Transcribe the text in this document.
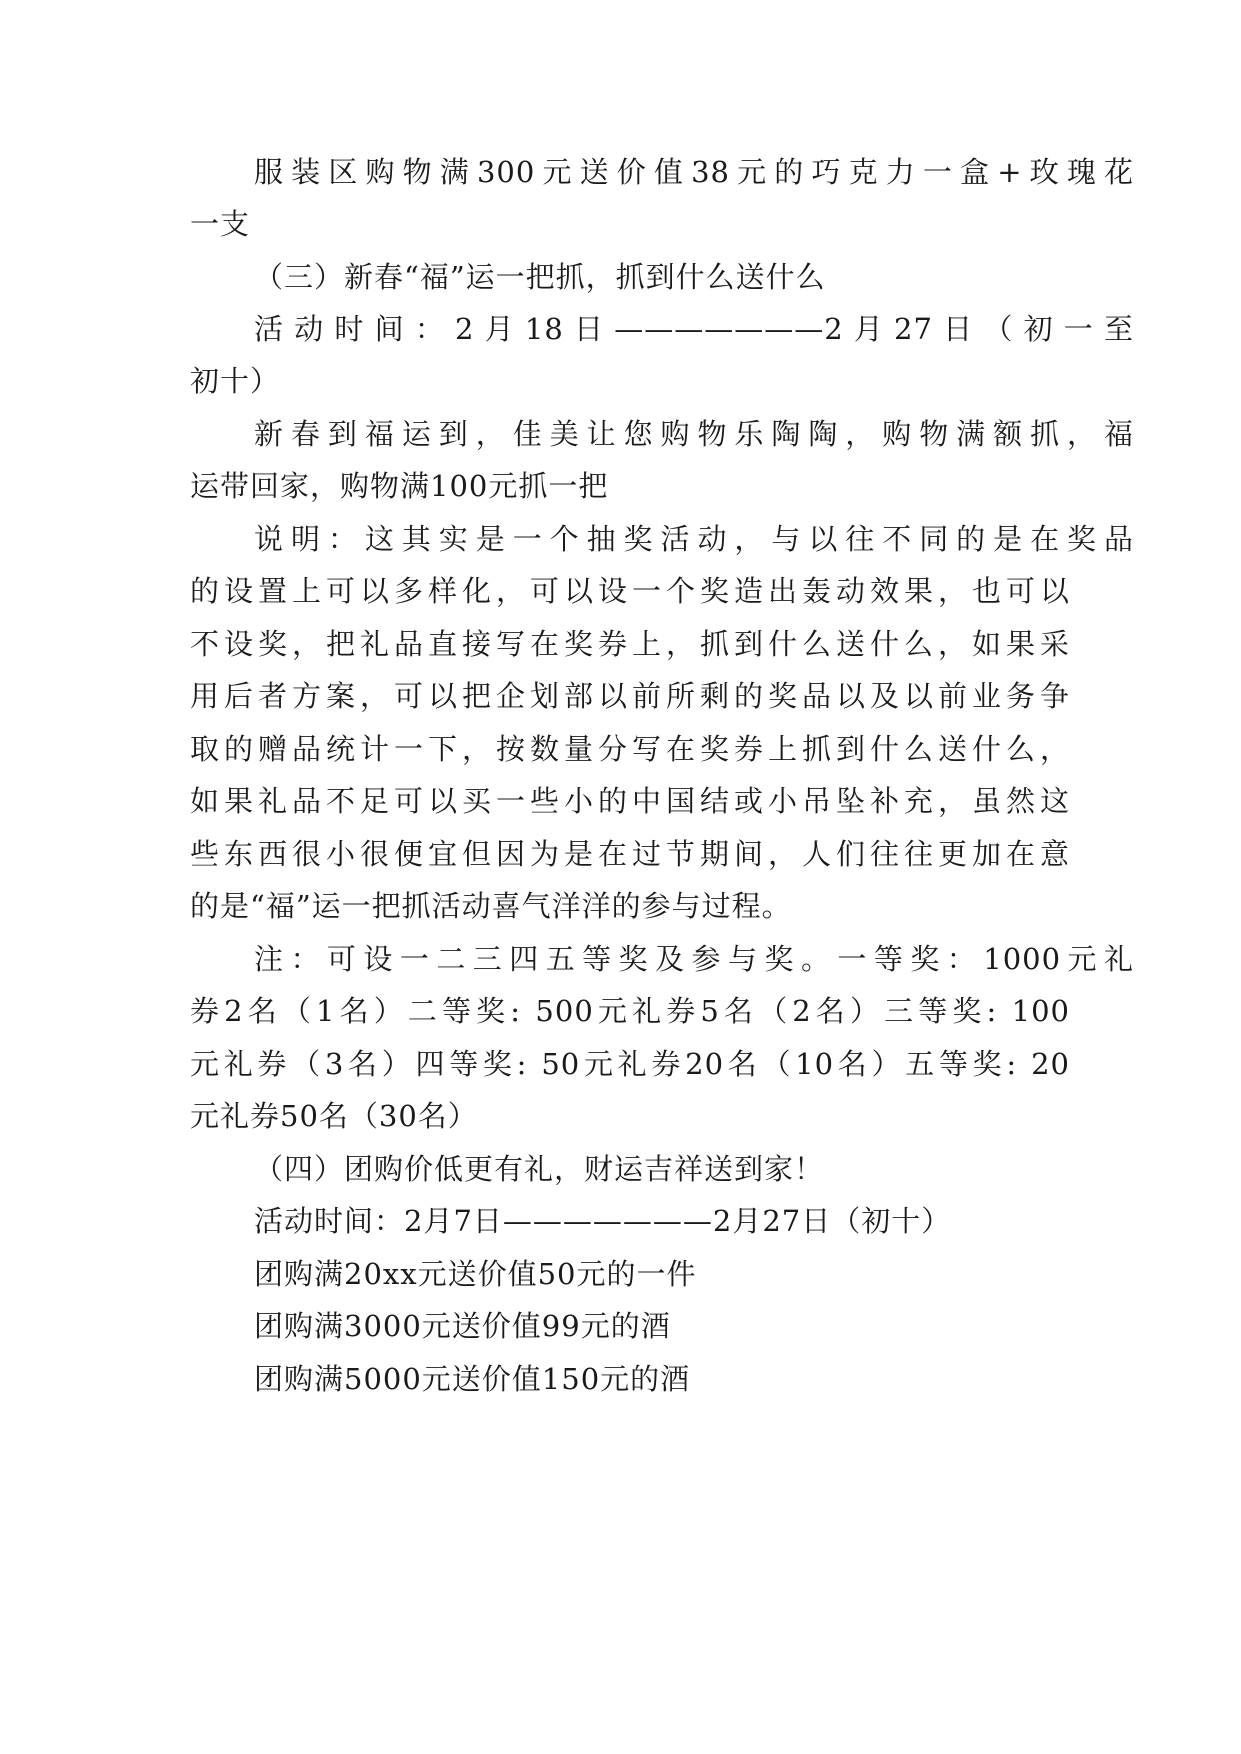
服装区购物满300元送价值38元的巧克力一盒+玫瑰花
一支
（三）新春“福”运一把抓，抓到什么送什么
活动时间：2月18日———————2月27日（初一至
初十）
新春到福运到，佳美让您购物乐陶陶，购物满额抓，福
运带回家，购物满100元抓一把
说明：这其实是一个抽奖活动，与以往不同的是在奖品
的设置上可以多样化，可以设一个奖造出轰动效果，也可以
不设奖，把礼品直接写在奖券上，抓到什么送什么，如果采
用后者方案，可以把企划部以前所剩的奖品以及以前业务争
取的赠品统计一下，按数量分写在奖券上抓到什么送什么，
如果礼品不足可以买一些小的中国结或小吊坠补充，虽然这
些东西很小很便宜但因为是在过节期间，人们往往更加在意
的是“福”运一把抓活动喜气洋洋的参与过程。
注：可设一二三四五等奖及参与奖。一等奖：1000元礼
券2名（1名）二等奖: 500元礼券5名（2名）三等奖: 100
元礼券（3名）四等奖: 50元礼券20名（10名）五等奖: 20
元礼券50名（30名）
（四）团购价低更有礼，财运吉祥送到家！
活动时间：2月7日———————2月27日（初十）
团购满20xx元送价值50元的一件
团购满3000元送价值99元的酒
团购满5000元送价值150元的酒
